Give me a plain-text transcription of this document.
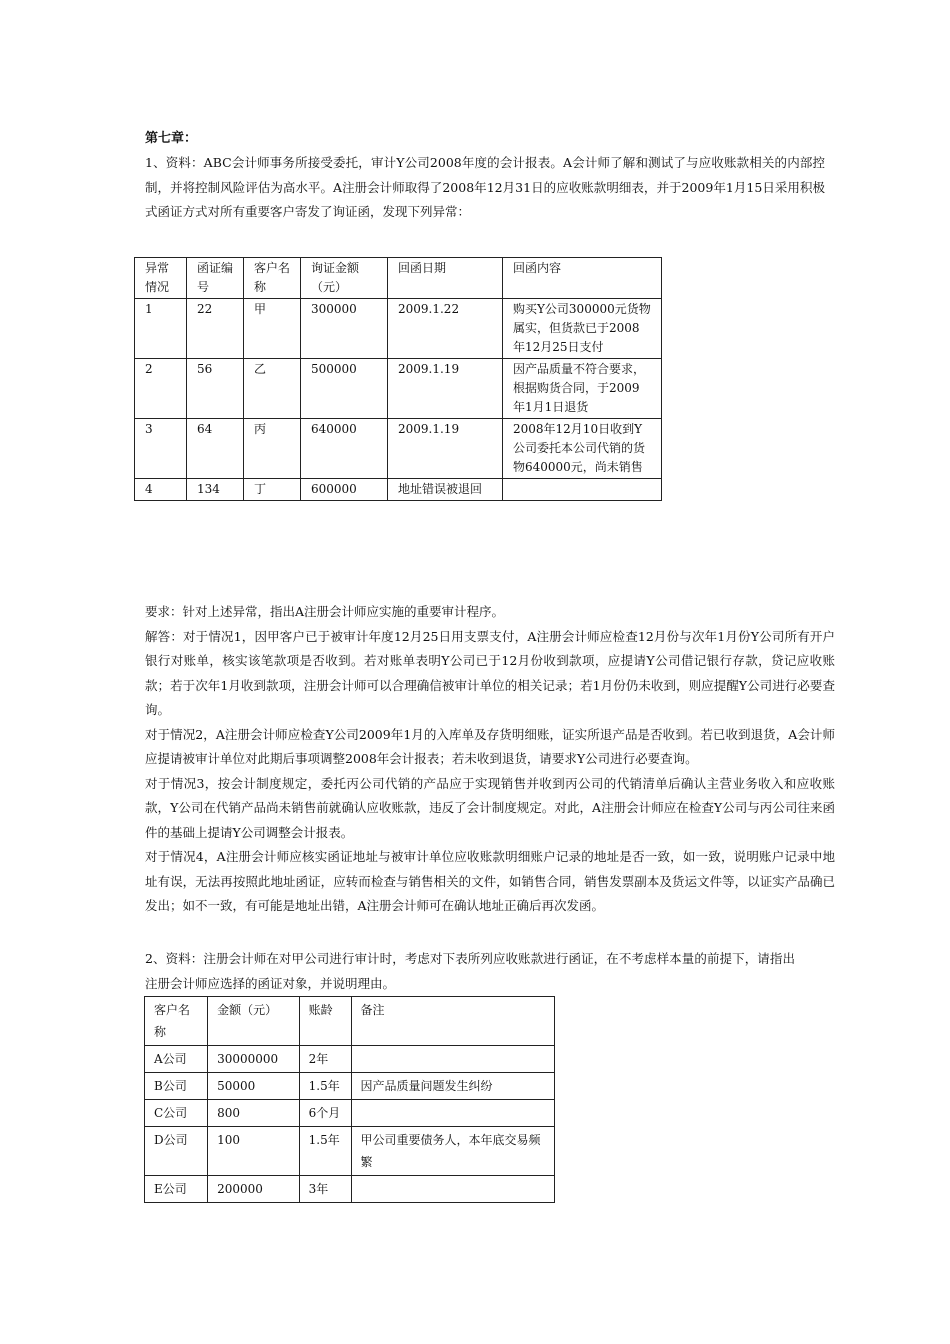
第七章：

1、资料：ABC会计师事务所接受委托，审计Y公司2008年度的会计报表。A会计师了解和测试了与应收账款相关的内部控制，并将控制风险评估为高水平。A注册会计师取得了2008年12月31日的应收账款明细表，并于2009年1月15日采用积极式函证方式对所有重要客户寄发了询证函，发现下列异常：

异常情况	函证编号	客户名称	询证金额（元）	回函日期	回函内容
1	22	甲	300000	2009.1.22	购买Y公司300000元货物属实，但货款已于2008年12月25日支付
2	56	乙	500000	2009.1.19	因产品质量不符合要求，根据购货合同，于2009年1月1日退货
3	64	丙	640000	2009.1.19	2008年12月10日收到Y公司委托本公司代销的货物640000元，尚未销售
4	134	丁	600000	地址错误被退回	
要求：针对上述异常，指出A注册会计师应实施的重要审计程序。
解答：对于情况1，因甲客户已于被审计年度12月25日用支票支付，A注册会计师应检查12月份与次年1月份Y公司所有开户银行对账单，核实该笔款项是否收到。若对账单表明Y公司已于12月份收到款项，应提请Y公司借记银行存款，贷记应收账款；若于次年1月收到款项，注册会计师可以合理确信被审计单位的相关记录；若1月份仍未收到，则应提醒Y公司进行必要查询。
对于情况2，A注册会计师应检查Y公司2009年1月的入库单及存货明细账，证实所退产品是否收到。若已收到退货，A会计师应提请被审计单位对此期后事项调整2008年会计报表；若未收到退货，请要求Y公司进行必要查询。
对于情况3，按会计制度规定，委托丙公司代销的产品应于实现销售并收到丙公司的代销清单后确认主营业务收入和应收账款，Y公司在代销产品尚未销售前就确认应收账款，违反了会计制度规定。对此，A注册会计师应在检查Y公司与丙公司往来函件的基础上提请Y公司调整会计报表。
对于情况4，A注册会计师应核实函证地址与被审计单位应收账款明细账户记录的地址是否一致，如一致，说明账户记录中地址有误，无法再按照此地址函证，应转而检查与销售相关的文件，如销售合同，销售发票副本及货运文件等，以证实产品确已发出；如不一致，有可能是地址出错，A注册会计师可在确认地址正确后再次发函。

2、资料：注册会计师在对甲公司进行审计时，考虑对下表所列应收账款进行函证，在不考虑样本量的前提下，请指出注册会计师应选择的函证对象，并说明理由。

客户名称	金额（元）	账龄	备注
A公司	30000000	2年	
B公司	50000	1.5年	因产品质量问题发生纠纷
C公司	800	6个月	
D公司	100	1.5年	甲公司重要债务人，本年底交易频繁
E公司	200000	3年	
